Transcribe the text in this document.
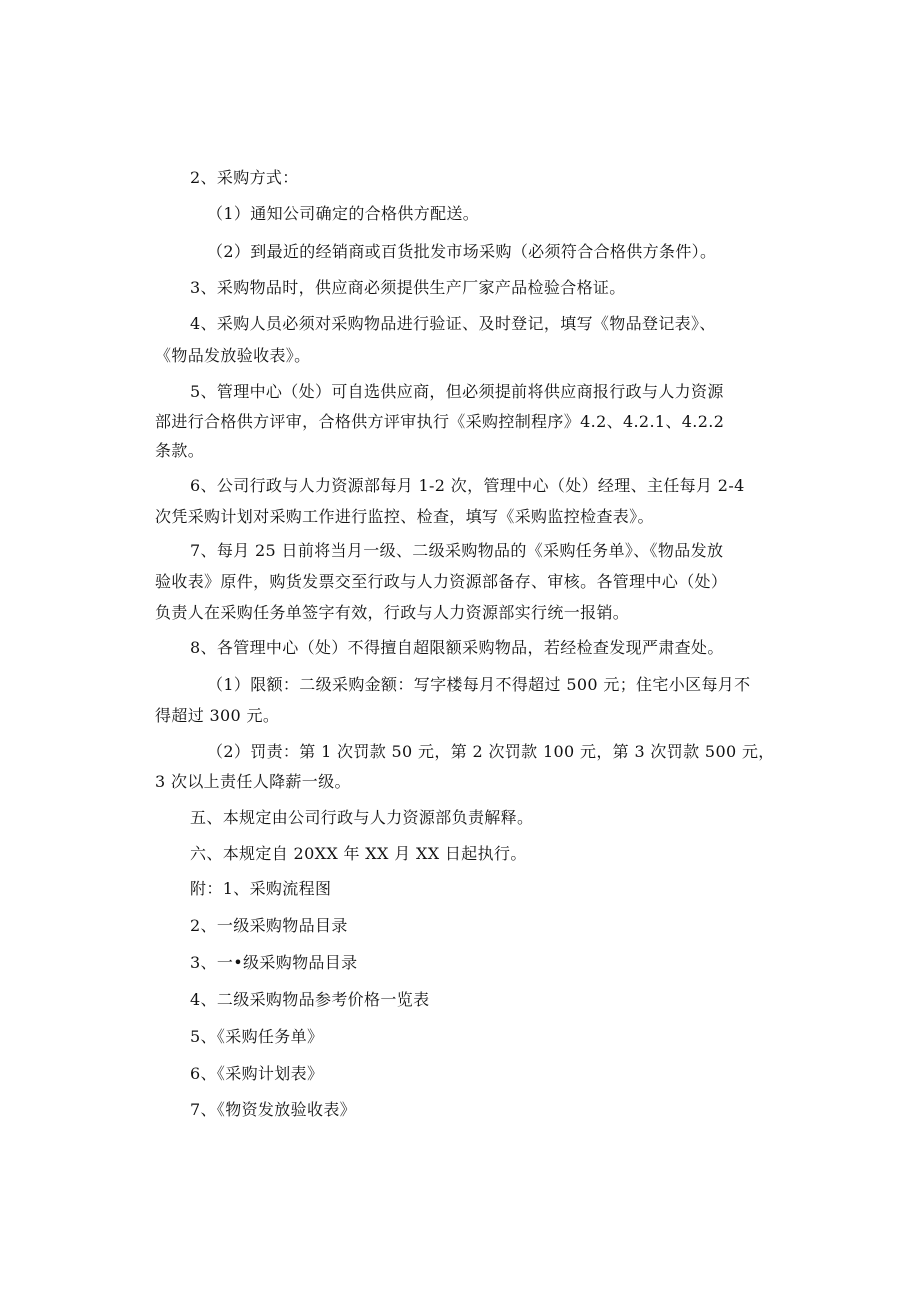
2、采购方式：
（1）通知公司确定的合格供方配送。
（2）到最近的经销商或百货批发市场采购（必须符合合格供方条件）。
3、采购物品时，供应商必须提供生产厂家产品检验合格证。
4、采购人员必须对采购物品进行验证、及时登记，填写《物品登记表》、
《物品发放验收表》。
5、管理中心（处）可自选供应商，但必须提前将供应商报行政与人力资源
部进行合格供方评审，合格供方评审执行《采购控制程序》4.2、4.2.1、4.2.2
条款。
6、公司行政与人力资源部每月 1-2 次，管理中心（处）经理、主任每月 2-4
次凭采购计划对采购工作进行监控、检查，填写《采购监控检查表》。
7、每月 25 日前将当月一级、二级采购物品的《采购任务单》、《物品发放
验收表》原件，购货发票交至行政与人力资源部备存、审核。各管理中心（处）
负责人在采购任务单签字有效，行政与人力资源部实行统一报销。
8、各管理中心（处）不得擅自超限额采购物品，若经检查发现严肃查处。
（1）限额：二级采购金额：写字楼每月不得超过 500 元；住宅小区每月不
得超过 300 元。
（2）罚责：第 1 次罚款 50 元，第 2 次罚款 100 元，第 3 次罚款 500 元，
3 次以上责任人降薪一级。
五、本规定由公司行政与人力资源部负责解释。
六、本规定自 20XX 年 XX 月 XX 日起执行。
附：1、采购流程图
2、一级采购物品目录
3、一•级采购物品目录
4、二级采购物品参考价格一览表
5、《采购任务单》
6、《采购计划表》
7、《物资发放验收表》
